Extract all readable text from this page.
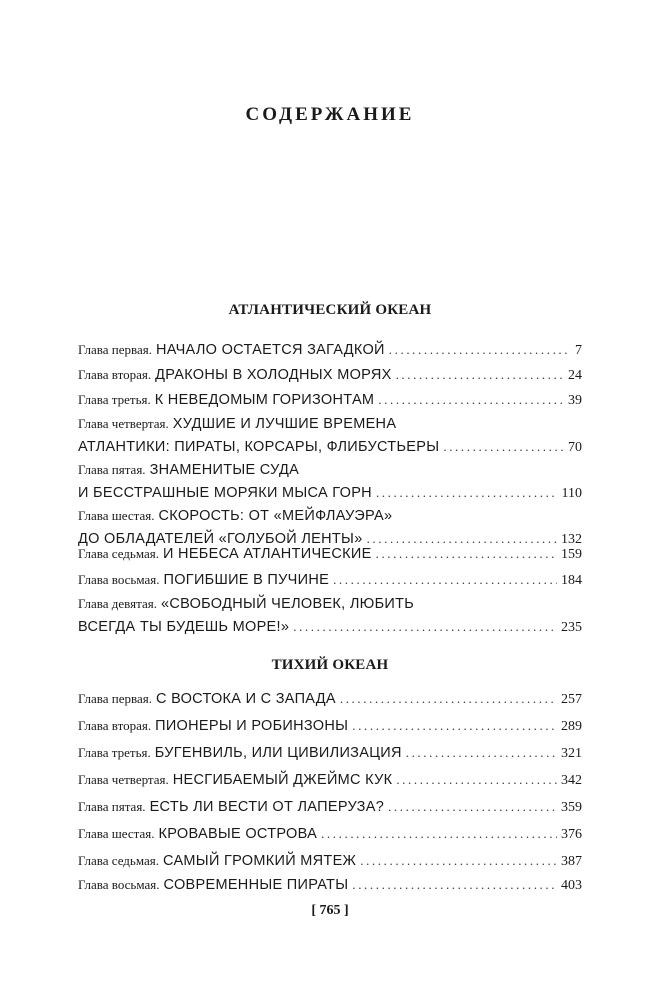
СОДЕРЖАНИЕ
АТЛАНТИЧЕСКИЙ ОКЕАН
Глава первая.
НАЧАЛО ОСТАЕТСЯ ЗАГАДКОЙ .....	7
Глава вторая.
ДРАКОНЫ В ХОЛОДНЫХ МОРЯХ .....	24
Глава третья.
К НЕВЕДОМЫМ ГОРИЗОНТАМ .....	39
Глава четвертая.
ХУДШИЕ И ЛУЧШИЕ ВРЕМЕНА
АТЛАНТИКИ: ПИРАТЫ, КОРСАРЫ, ФЛИБУСТЬЕРЫ .....	70
Глава пятая.
ЗНАМЕНИТЫЕ СУДА
И БЕССТРАШНЫЕ МОРЯКИ МЫСА ГОРН .....	110
Глава шестая.
СКОРОСТЬ: ОТ «МЕЙФЛАУЭРА»
ДО ОБЛАДАТЕЛЕЙ «ГОЛУБОЙ ЛЕНТЫ» .....	132
Глава седьмая.
И НЕБЕСА АТЛАНТИЧЕСКИЕ .....	159
Глава восьмая.
ПОГИБШИЕ В ПУЧИНЕ .....	184
Глава девятая.
«СВОБОДНЫЙ ЧЕЛОВЕК, ЛЮБИТЬ
ВСЕГДА ТЫ БУДЕШЬ МОРЕ!» .....	235
ТИХИЙ ОКЕАН
Глава первая.
С ВОСТОКА И С ЗАПАДА .....	257
Глава вторая.
ПИОНЕРЫ И РОБИНЗОНЫ .....	289
Глава третья.
БУГЕНВИЛЬ, ИЛИ ЦИВИЛИЗАЦИЯ .....	321
Глава четвертая.
НЕСГИБАЕМЫЙ ДЖЕЙМС КУК .....	342
Глава пятая.
ЕСТЬ ЛИ ВЕСТИ ОТ ЛАПЕРУЗА? .....	359
Глава шестая.
КРОВАВЫЕ ОСТРОВА .....	376
Глава седьмая.
САМЫЙ ГРОМКИЙ МЯТЕЖ .....	387
Глава восьмая.
СОВРЕМЕННЫЕ ПИРАТЫ .....	403
[ 765 ]
